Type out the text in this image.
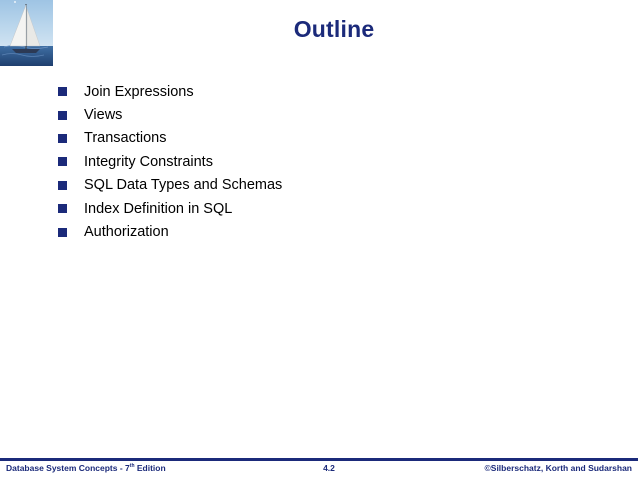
Outline
Join Expressions
Views
Transactions
Integrity Constraints
SQL Data Types and Schemas
Index Definition in SQL
Authorization
Database System Concepts - 7th Edition	4.2	©Silberschatz, Korth and Sudarshan
